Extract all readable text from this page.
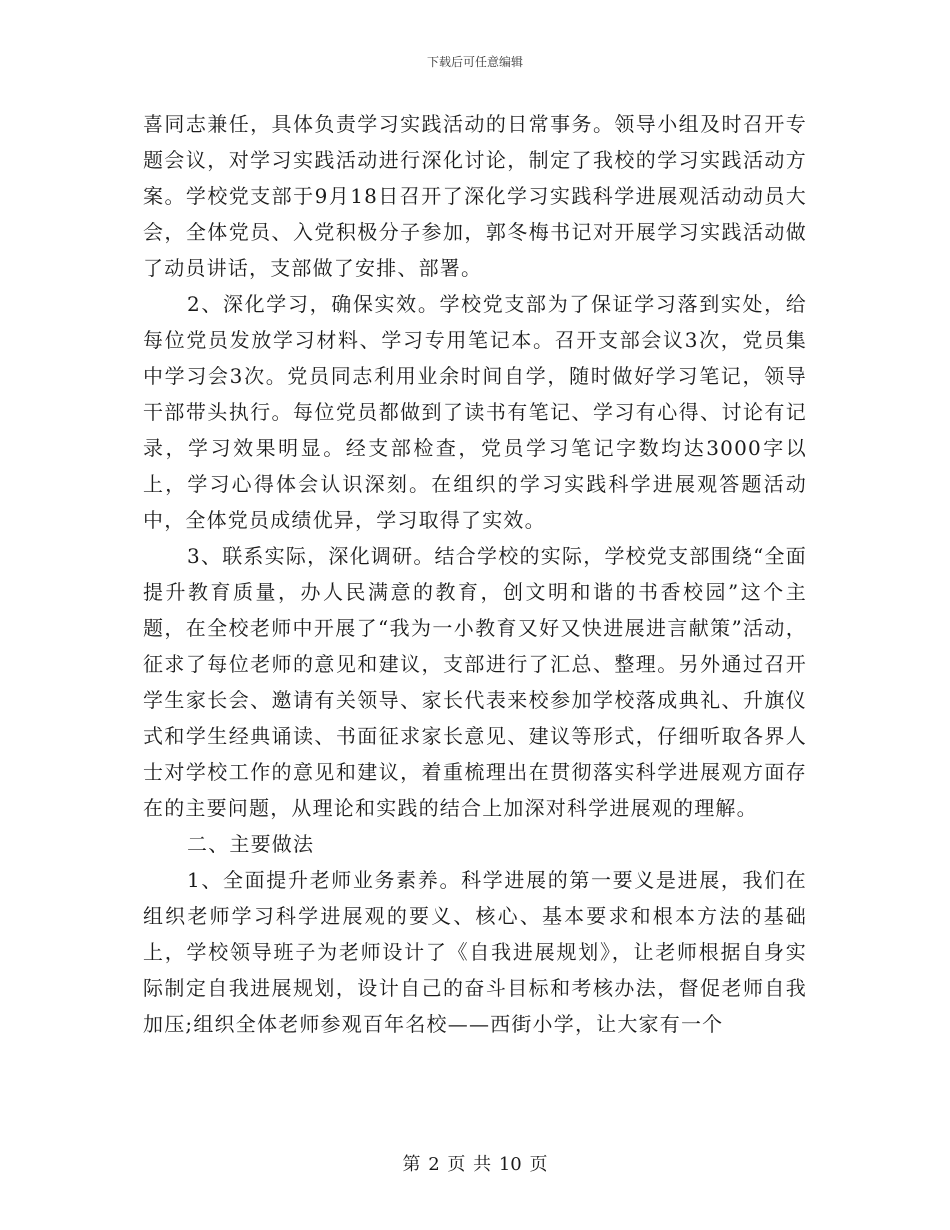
下载后可任意编辑

喜同志兼任，具体负责学习实践活动的日常事务。领导小组及时召开专题会议，对学习实践活动进行深化讨论，制定了我校的学习实践活动方案。学校党支部于9月18日召开了深化学习实践科学进展观活动动员大会，全体党员、入党积极分子参加，郭冬梅书记对开展学习实践活动做了动员讲话，支部做了安排、部署。

2、深化学习，确保实效。学校党支部为了保证学习落到实处，给每位党员发放学习材料、学习专用笔记本。召开支部会议3次，党员集中学习会3次。党员同志利用业余时间自学，随时做好学习笔记，领导干部带头执行。每位党员都做到了读书有笔记、学习有心得、讨论有记录，学习效果明显。经支部检查，党员学习笔记字数均达3000字以上，学习心得体会认识深刻。在组织的学习实践科学进展观答题活动中，全体党员成绩优异，学习取得了实效。

3、联系实际，深化调研。结合学校的实际，学校党支部围绕“全面提升教育质量，办人民满意的教育，创文明和谐的书香校园”这个主题，在全校老师中开展了“我为一小教育又好又快进展进言献策”活动，征求了每位老师的意见和建议，支部进行了汇总、整理。另外通过召开学生家长会、邀请有关领导、家长代表来校参加学校落成典礼、升旗仪式和学生经典诵读、书面征求家长意见、建议等形式，仔细听取各界人士对学校工作的意见和建议，着重梳理出在贯彻落实科学进展观方面存在的主要问题，从理论和实践的结合上加深对科学进展观的理解。

二、主要做法

1、全面提升老师业务素养。科学进展的第一要义是进展，我们在组织老师学习科学进展观的要义、核心、基本要求和根本方法的基础上，学校领导班子为老师设计了《自我进展规划》，让老师根据自身实际制定自我进展规划，设计自己的奋斗目标和考核办法，督促老师自我加压;组织全体老师参观百年名校——西街小学，让大家有一个

第 2 页 共 10 页
